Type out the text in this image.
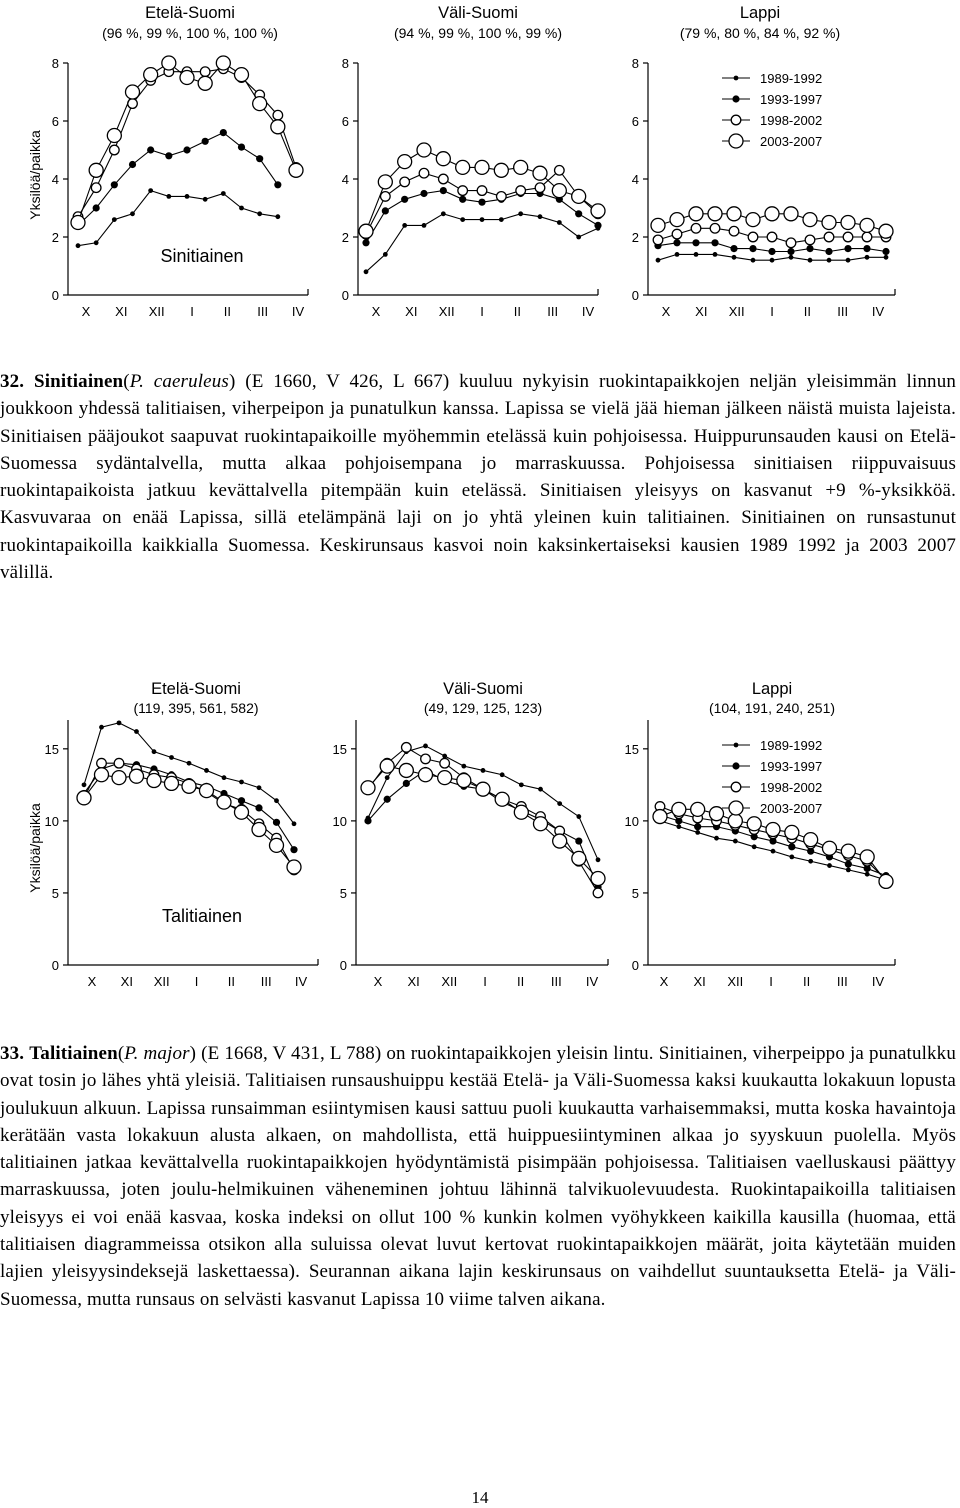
Yksilöä/paikka
Etelä-Suomi
(96 %, 99 %, 100 %, 100 %)
0
2
4
6
8
X XI XII I II III IV
Sinitiainen
Väli-Suomi
(94 %, 99 %, 100 %, 99 %)
0
2
4
6
8
X XI XII I II III IV
Lappi
(79 %, 80 %, 84 %, 92 %)
0
2
4
6
8
X XI XII I II III IV
1989-1992
1993-1997
1998-2002
2003-2007

32. Sinitiainen(P. caeruleus) (E 1660, V 426, L 667) kuuluu nykyisin ruokintapaikkojen neljän yleisimmän linnun joukkoon yhdessä talitiaisen, viherpeipon ja punatulkun kanssa. Lapissa se vielä jää hieman jälkeen näistä muista lajeista. Sinitiaisen pääjoukot saapuvat ruokintapaikoille myöhemmin etelässä kuin pohjoisessa. Huippurunsauden kausi on Etelä-Suomessa sydäntalvella, mutta alkaa pohjoisempana jo marraskuussa. Pohjoisessa sinitiaisen riippuvaisuus ruokintapaikoista jatkuu kevättalvella pitempään kuin etelässä. Sinitiaisen yleisyys on kasvanut +9 %-yksikköä. Kasvuvaraa on enää Lapissa, sillä etelämpänä laji on jo yhtä yleinen kuin talitiainen. Sinitiainen on runsastunut ruokintapaikoilla kaikkialla Suomessa. Keskirunsaus kasvoi noin kaksinkertaiseksi kausien 1989 1992 ja 2003 2007 välillä.

Yksilöä/paikka
Etelä-Suomi
(119, 395, 561, 582)
0
5
10
15
X XI XII I II III IV
Talitiainen
Väli-Suomi
(49, 129, 125, 123)
0
5
10
15
X XI XII I II III IV
Lappi
(104, 191, 240, 251)
0
5
10
15
X XI XII I II III IV
1989-1992
1993-1997
1998-2002
2003-2007

33. Talitiainen(P. major) (E 1668, V 431, L 788) on ruokintapaikkojen yleisin lintu. Sinitiainen, viherpeippo ja punatulkku ovat tosin jo lähes yhtä yleisiä. Talitiaisen runsaushuippu kestää Etelä- ja Väli-Suomessa kaksi kuukautta lokakuun lopusta joulukuun alkuun. Lapissa runsaimman esiintymisen kausi sattuu puoli kuukautta varhaisemmaksi, mutta koska havaintoja kerätään vasta lokakuun alusta alkaen, on mahdollista, että huippuesiintyminen alkaa jo syyskuun puolella. Myös talitiainen jatkaa kevättalvella ruokintapaikkojen hyödyntämistä pisimpään pohjoisessa. Talitiaisen vaelluskausi päättyy marraskuussa, joten joulu-helmikuinen väheneminen johtuu lähinnä talvikuolevuudesta. Ruokintapaikoilla talitiaisen yleisyys ei voi enää kasvaa, koska indeksi on ollut 100 % kunkin kolmen vyöhykkeen kaikilla kausilla (huomaa, että talitiaisen diagrammeissa otsikon alla suluissa olevat luvut kertovat ruokintapaikkojen määrät, joita käytetään muiden lajien yleisyysindeksejä laskettaessa). Seurannan aikana lajin keskirunsaus on vaihdellut suuntauksetta Etelä- ja Väli-Suomessa, mutta runsaus on selvästi kasvanut Lapissa 10 viime talven aikana.

14
